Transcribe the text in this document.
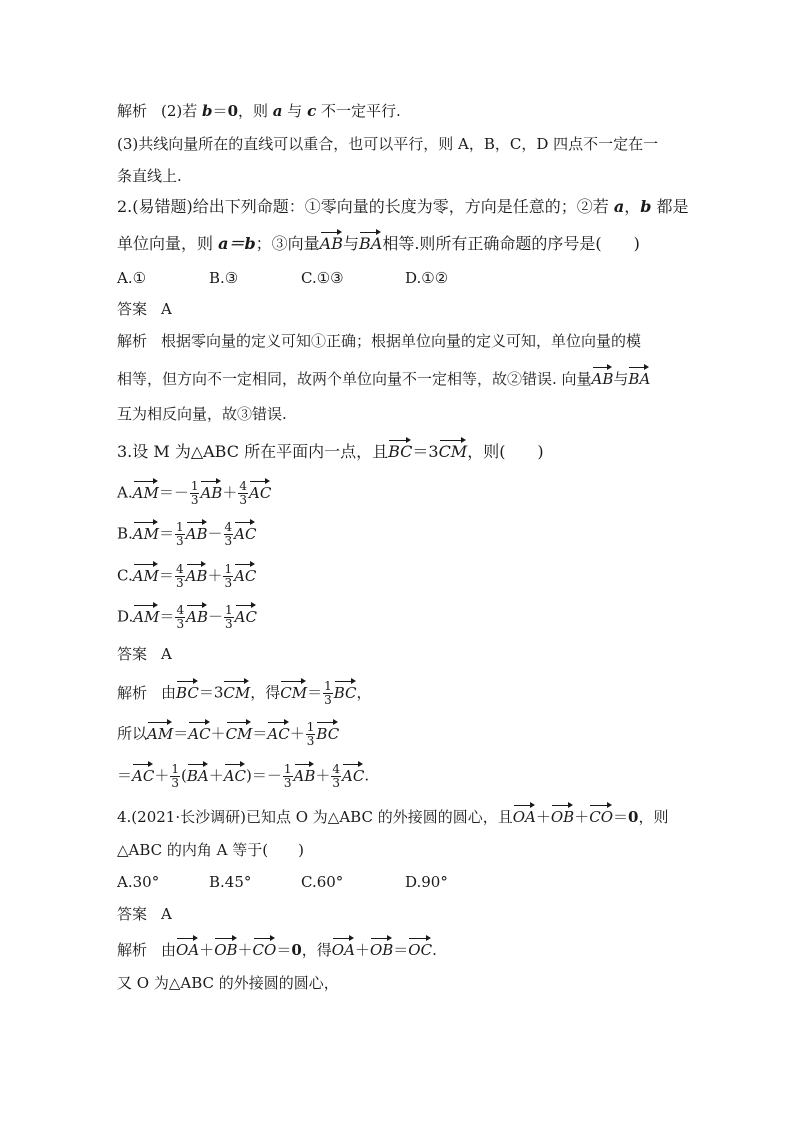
解析 (2)若 b＝0，则 a 与 c 不一定平行.
(3)共线向量所在的直线可以重合，也可以平行，则 A，B，C，D 四点不一定在一
条直线上.
2.(易错题)给出下列命题：①零向量的长度为零，方向是任意的；②若 a，b 都是
单位向量，则 a＝b；③向量AB与BA相等.则所有正确命题的序号是(　　)
A.①	B.③	C.①③	D.①②
答案 A
解析 根据零向量的定义可知①正确；根据单位向量的定义可知，单位向量的模
相等，但方向不一定相同，故两个单位向量不一定相等，故②错误. 向量AB与BA
互为相反向量，故③错误.
3.设 M 为△ABC 所在平面内一点，且BC＝3CM，则(　　)
$A.AM=- \frac{1}{3} AB+ \frac{4}{3}$ AC
$B.AM= \frac{1}{3} AB- \frac{4}{3}$ AC
$C.AM= \frac{4}{3} AB+ \frac{1}{3}$ AC
$D.AM= \frac{4}{3} AB- \frac{1}{3}$ AC
答案 A
解析 由BC＝3CM，得$CM= \frac{1}{3}$ BC，
所以$AM=AC+CM=AC+ \frac{1}{3}$ BC
$=AC+ \frac{1}{3} (BA+AC)=- \frac{1}{3} AB+ \frac{4}{3}$ AC.
4.(2021·长沙调研)已知点 O 为△ABC 的外接圆的圆心，且OA＋OB＋CO＝0，则
△ABC 的内角 A 等于(　　)
A.30°	B.45°	C.60°	D.90°
答案 A
解析 由OA＋OB＋CO＝0，得OA＋OB＝OC.
又 O 为△ABC 的外接圆的圆心，
